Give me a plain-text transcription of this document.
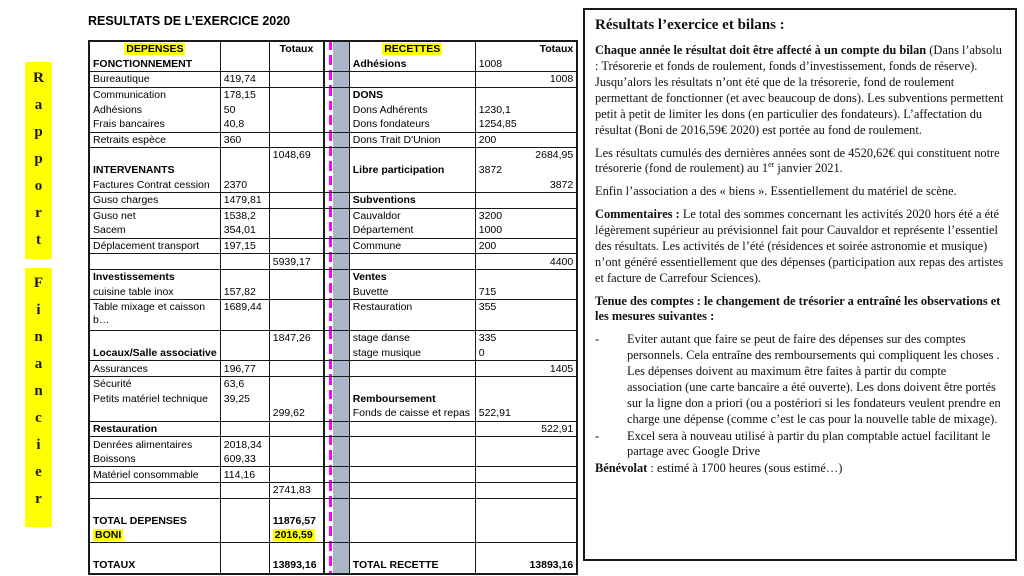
RESULTATS DE L’EXERCICE 2020
R
a
p
p
o
r
t
F
i
n
a
n
c
i
e
r
DEPENSES		Totaux		RECETTES		Totaux
FONCTIONNEMENT				Adhésions	1008	
Bureautique	419,74					1008
Communication	178,15			DONS		
Adhésions	50			Dons Adhérents	1230,1	
Frais bancaires	40,8			Dons fondateurs	1254,85	
Retraits espèce	360			Dons Trait D'Union	200	
		1048,69				2684,95
INTERVENANTS				Libre participation	3872	
Factures Contrat cession	2370					3872
Guso charges	1479,81			Subventions		
Guso net	1538,2			Cauvaldor	3200	
Sacem	354,01			Département	1000	
Déplacement transport	197,15			Commune	200	
		5939,17				4400
Investissements				Ventes		
cuisine table inox	157,82			Buvette	715	
Table mixage et caisson b…	1689,44			Restauration	355	
		1847,26		stage danse	335	
Locaux/Salle associative				stage musique	0	
Assurances	196,77					1405
Sécurité	63,6					
Petits matériel technique	39,25			Remboursement		
		299,62		Fonds de caisse et repas	522,91	
Restauration						522,91
Denrées alimentaires	2018,34					
Boissons	609,33					
Matériel consommable	114,16					
		2741,83				

TOTAL DEPENSES		11876,57				
BONI		2016,59				

TOTAUX		13893,16		TOTAL RECETTE		13893,16
Résultats l’exercice et bilans :

Chaque année le résultat doit être affecté à un compte du bilan (Dans l’absolu : Trésorerie et fonds de roulement, fonds d’investissement, fonds de réserve). Jusqu’alors les résultats n’ont été que de la trésorerie, fond de roulement permettant de fonctionner (et avec beaucoup de dons). Les subventions permettent petit à petit de limiter les dons (en particulier des fondateurs). L’affectation du résultat (Boni de 2016,59€ 2020) est portée au fond de roulement.

Les résultats cumulés des dernières années sont de 4520,62€ qui constituent notre trésorerie (fond de roulement) au 1er janvier 2021.

Enfin l’association a des « biens ». Essentiellement du matériel de scène.

Commentaires : Le total des sommes concernant les activités 2020 hors été a été légèrement supérieur au prévisionnel fait pour Cauvaldor et représente l’essentiel des résultats. Les activités de l’été (résidences et soirée astronomie et musique) n’ont généré essentiellement que des dépenses (participation aux repas des artistes et facture de Carrefour Sciences).

Tenue des comptes : le changement de trésorier a entraîné les observations et les mesures suivantes :

-	Eviter autant que faire se peut de faire des dépenses sur des comptes personnels. Cela entraîne des remboursements qui compliquent les choses . Les dépenses doivent au maximum être faites à partir du compte association (une carte bancaire a été ouverte). Les dons doivent être portés sur la ligne don a priori (ou a postériori si les fondateurs veulent prendre en charge une dépense (comme c’est le cas pour la nouvelle table de mixage).
-	Excel sera à nouveau utilisé à partir du plan comptable actuel facilitant le partage avec Google Drive

Bénévolat : estimé à 1700 heures (sous estimé…)
